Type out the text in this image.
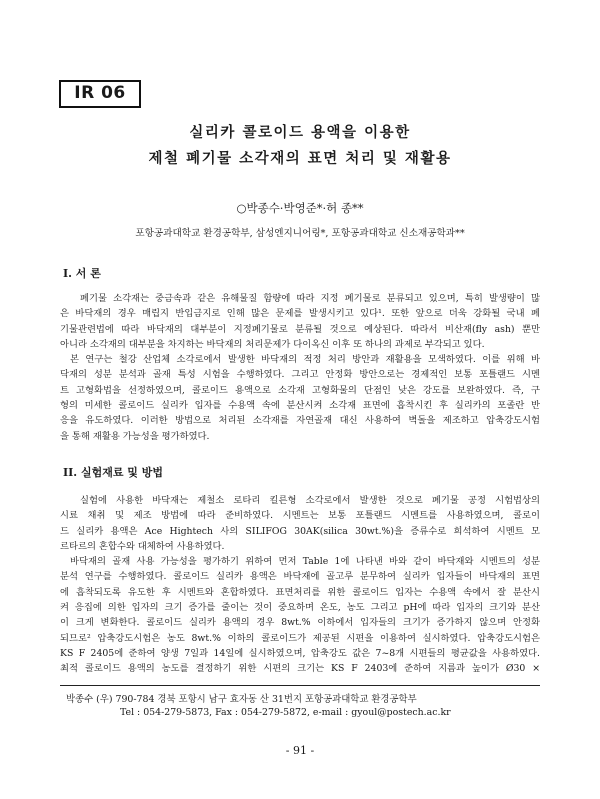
IR 06
실리카 콜로이드 용액을 이용한
제철 폐기물 소각재의 표면 처리 및 재활용
○박종수·박영준*·허 종**
포항공과대학교 환경공학부, 삼성엔지니어링*, 포항공과대학교 신소재공학과**
I. 서 론
폐기물 소각재는 중금속과 같은 유해물질 함량에 따라 지정 폐기물로 분류되고 있으며, 특히 발생량이 많
은 바닥재의 경우 매립지 반입금지로 인해 많은 문제를 발생시키고 있다¹. 또한 앞으로 더욱 강화될 국내 폐
기물관련법에 따라 바닥재의 대부분이 지정폐기물로 분류될 것으로 예상된다. 따라서 비산재(fly ash) 뿐만
아니라 소각재의 대부분을 차지하는 바닥재의 처리문제가 다이옥신 이후 또 하나의 과제로 부각되고 있다.
본 연구는 철강 산업체 소각로에서 발생한 바닥재의 적정 처리 방안과 재활용을 모색하였다. 이를 위해 바
닥재의 성분 분석과 골재 특성 시험을 수행하였다. 그리고 안정화 방안으로는 경제적인 보통 포틀랜드 시멘
트 고형화법을 선정하였으며, 콜로이드 용액으로 소각재 고형화물의 단점인 낮은 강도를 보완하였다. 즉, 구
형의 미세한 콜로이드 실리카 입자를 수용액 속에 분산시켜 소각재 표면에 흡착시킨 후 실리카의 포졸란 반
응을 유도하였다. 이러한 방법으로 처리된 소각재를 자연골재 대신 사용하여 벽돌을 제조하고 압축강도시험
을 통해 재활용 가능성을 평가하였다.
II. 실험재료 및 방법
실험에 사용한 바닥재는 제철소 로타리 킬른형 소각로에서 발생한 것으로 폐기물 공정 시험법상의
시료 채취 및 제조 방법에 따라 준비하였다. 시멘트는 보통 포틀랜드 시멘트를 사용하였으며, 콜로이
드 실리카 용액은 Ace Hightech 사의 SILIFOG 30AK(silica 30wt.%)을 증류수로 희석하여 시멘트 모
르타르의 혼합수와 대체하여 사용하였다.
바닥재의 골재 사용 가능성을 평가하기 위하여 먼저 Table 1에 나타낸 바와 같이 바닥재와 시멘트의 성분
분석 연구를 수행하였다. 콜로이드 실리카 용액은 바닥재에 골고루 분무하여 실리카 입자들이 바닥재의 표면
에 흡착되도록 유도한 후 시멘트와 혼합하였다. 표면처리를 위한 콜로이드 입자는 수용액 속에서 잘 분산시
켜 응집에 의한 입자의 크기 증가를 줄이는 것이 중요하며 온도, 농도 그리고 pH에 따라 입자의 크기와 분산
이 크게 변화한다. 콜로이드 실리카 용액의 경우 8wt.% 이하에서 입자들의 크기가 증가하지 않으며 안정화
되므로² 압축강도시험은 농도 8wt.% 이하의 콜로이드가 제공된 시편을 이용하여 실시하였다. 압축강도시험은
KS F 2405에 준하여 양생 7일과 14일에 실시하였으며, 압축강도 값은 7~8개 시편들의 평균값을 사용하였다.
최적 콜로이드 용액의 농도를 결정하기 위한 시편의 크기는 KS F 2403에 준하여 지름과 높이가 Ø30 ×
박종수 (우) 790-784 경북 포항시 남구 효자동 산 31번지 포항공과대학교 환경공학부
Tel : 054-279-5873, Fax : 054-279-5872, e-mail : gyoul@postech.ac.kr
- 91 -
